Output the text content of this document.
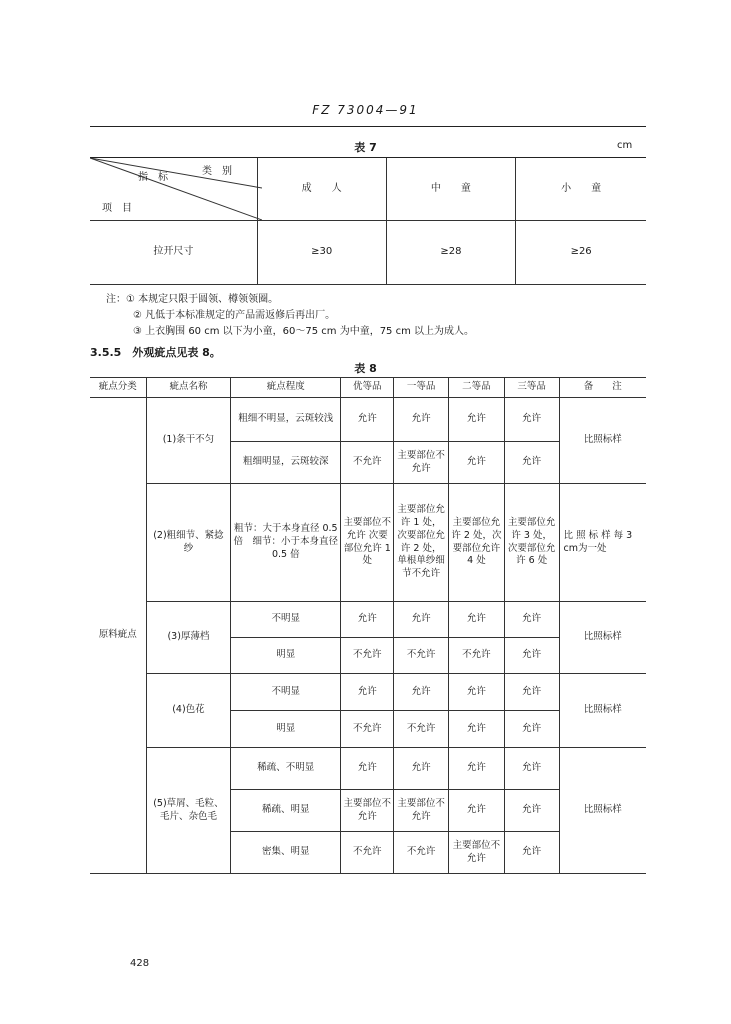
FZ 73004—91
表 7	cm
类　别
指　标
项　目	成　　人	中　　童	小　　童
拉开尺寸	≥30	≥28	≥26
注：① 本规定只限于圆领、樽领领圈。
② 凡低于本标准规定的产品需返修后再出厂。
③ 上衣胸围 60 cm 以下为小童，60～75 cm 为中童，75 cm 以上为成人。
3.5.5　外观疵点见表 8。
表 8
疵点分类	疵点名称	疵点程度	优等品	一等品	二等品	三等品	备　　注
原料疵点	(1)条干不匀	粗细不明显，云斑较浅	允许	允许	允许	允许	比照标样
		粗细明显，云斑较深	不允许	主要部位不允许	允许	允许	
	(2)粗细节、紧捻纱	粗节：大于本身直径 0.5 倍　细节：小于本身直径 0.5 倍	主要部位不允许 次要部位允许 1 处	主要部位允许 1 处，次要部位允许 2 处，单根单纱细节不允许	主要部位允许 2 处，次要部位允许 4 处	主要部位允许 3 处，次要部位允许 6 处	比 照 标 样 每 3 cm为一处
	(3)厚薄档	不明显	允许	允许	允许	允许	比照标样
		明显	不允许	不允许	不允许	允许	
	(4)色花	不明显	允许	允许	允许	允许	比照标样
		明显	不允许	不允许	允许	允许	
	(5)草屑、毛粒、毛片、杂色毛	稀疏、不明显	允许	允许	允许	允许	比照标样
		稀疏、明显	主要部位不允许	主要部位不允许	允许	允许	
		密集、明显	不允许	不允许	主要部位不允许	允许	
428
